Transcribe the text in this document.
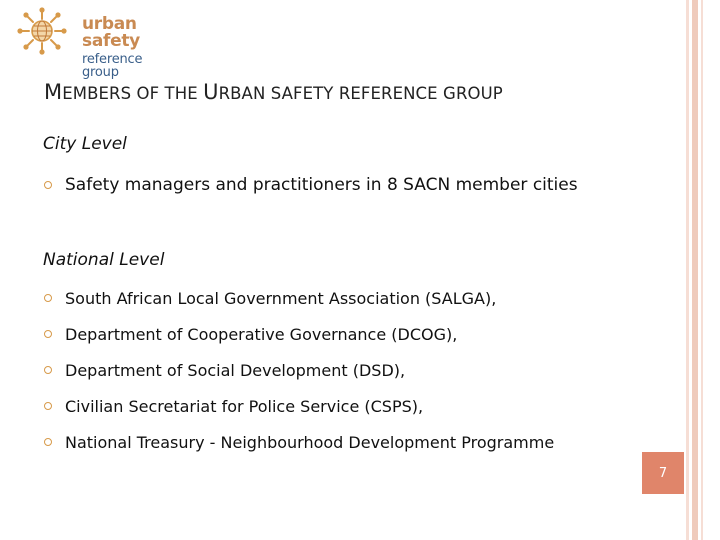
urban safety
reference group
MEMBERS OF THE URBAN SAFETY REFERENCE GROUP
City Level
Safety managers and practitioners in 8 SACN member cities
National Level
South African Local Government Association (SALGA),
Department of Cooperative Governance (DCOG),
Department of Social Development (DSD),
Civilian Secretariat for Police Service (CSPS),
National Treasury - Neighbourhood Development Programme
7
